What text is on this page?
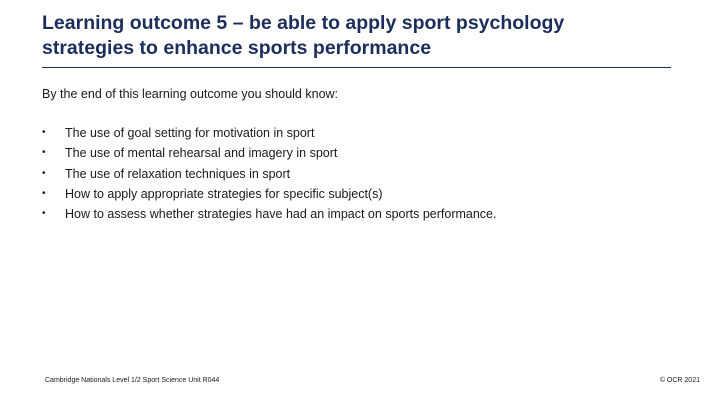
Learning outcome 5 – be able to apply sport psychology
strategies to enhance sports performance

By the end of this learning outcome you should know:

•	The use of goal setting for motivation in sport
•	The use of mental rehearsal and imagery in sport
•	The use of relaxation techniques in sport
•	How to apply appropriate strategies for specific subject(s)
•	How to assess whether strategies have had an impact on sports performance.
Cambridge Nationals Level 1/2 Sport Science Unit R044	© OCR 2021
